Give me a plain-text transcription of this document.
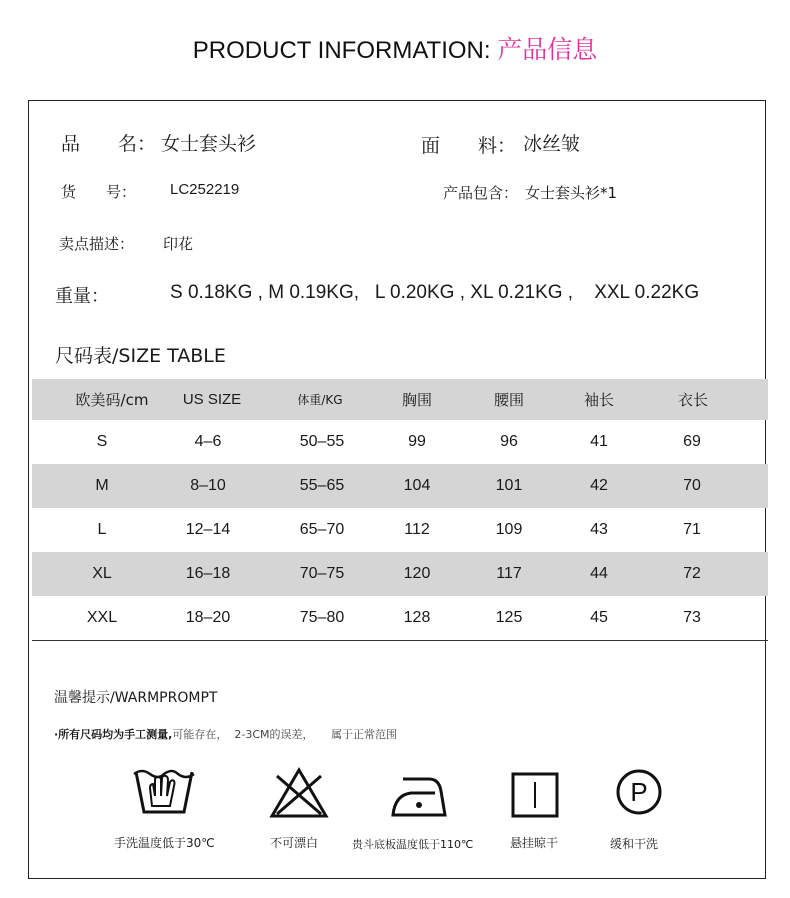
PRODUCT INFORMATION: 产品信息
品　　名： 女士套头衫	面　　料： 冰丝皱
货　　号： LC252219	产品包含： 女士套头衫*1
卖点描述： 印花
重量：	S 0.18KG , M 0.19KG,   L 0.20KG , XL 0.21KG ,    XXL 0.22KG
尺码表/SIZE TABLE
欧美码/cm	US SIZE	体重/KG	胸围	腰围	袖长	衣长
S	4–6	50–55	99	96	41	69
M	8–10	55–65	104	101	42	70
L	12–14	65–70	112	109	43	71
XL	16–18	70–75	120	117	44	72
XXL	18–20	75–80	128	125	45	73
温馨提示/WARMPROMPT
·所有尺码均为手工测量,可能存在，  2-3CM的误差，     属于正常范围
手洗温度低于30℃	不可漂白	贵斗底板温度低于110℃	悬挂晾干
P
缓和干洗
